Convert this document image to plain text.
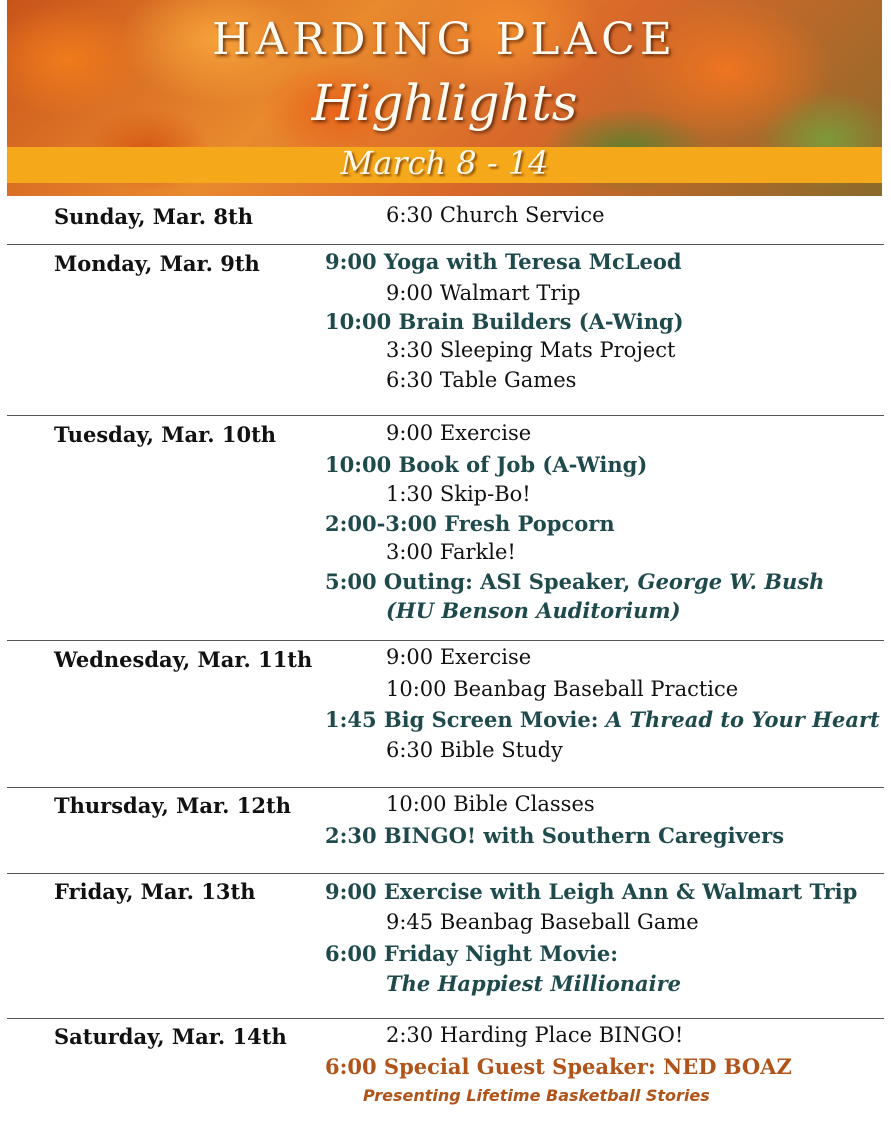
HARDING PLACE
Highlights
March 8 - 14
Sunday, Mar. 8th	6:30 Church Service
Monday, Mar. 9th	9:00 Yoga with Teresa McLeod
9:00 Walmart Trip
10:00 Brain Builders (A-Wing)
3:30 Sleeping Mats Project
6:30 Table Games
Tuesday, Mar. 10th	9:00 Exercise
10:00 Book of Job (A-Wing)
1:30 Skip-Bo!
2:00-3:00 Fresh Popcorn
3:00 Farkle!
5:00 Outing: ASI Speaker, George W. Bush
(HU Benson Auditorium)
Wednesday, Mar. 11th	9:00 Exercise
10:00 Beanbag Baseball Practice
1:45 Big Screen Movie: A Thread to Your Heart
6:30 Bible Study
Thursday, Mar. 12th	10:00 Bible Classes
2:30 BINGO! with Southern Caregivers
Friday, Mar. 13th	9:00 Exercise with Leigh Ann & Walmart Trip
9:45 Beanbag Baseball Game
6:00 Friday Night Movie:
The Happiest Millionaire
Saturday, Mar. 14th	2:30 Harding Place BINGO!
6:00 Special Guest Speaker: NED BOAZ
Presenting Lifetime Basketball Stories
